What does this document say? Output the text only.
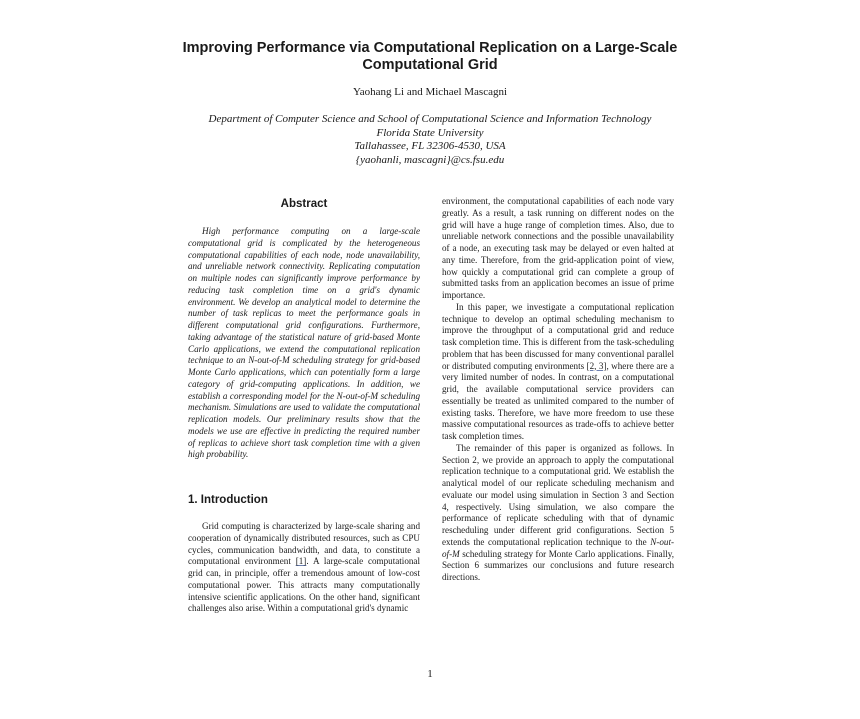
Improving Performance via Computational Replication on a Large-Scale Computational Grid
Yaohang Li and Michael Mascagni
Department of Computer Science and School of Computational Science and Information Technology
Florida State University
Tallahassee, FL 32306-4530, USA
{yaohanli, mascagni}@cs.fsu.edu
Abstract

High performance computing on a large-scale computational grid is complicated by the heterogeneous computational capabilities of each node, node unavailability, and unreliable network connectivity. Replicating computation on multiple nodes can significantly improve performance by reducing task completion time on a grid's dynamic environment. We develop an analytical model to determine the number of task replicas to meet the performance goals in different computational grid configurations. Furthermore, taking advantage of the statistical nature of grid-based Monte Carlo applications, we extend the computational replication technique to an N-out-of-M scheduling strategy for grid-based Monte Carlo applications, which can potentially form a large category of grid-computing applications. In addition, we establish a corresponding model for the N-out-of-M scheduling mechanism. Simulations are used to validate the computational replication models. Our preliminary results show that the models we use are effective in predicting the required number of replicas to achieve short task completion time with a given high probability.

1. Introduction

Grid computing is characterized by large-scale sharing and cooperation of dynamically distributed resources, such as CPU cycles, communication bandwidth, and data, to constitute a computational environment [1]. A large-scale computational grid can, in principle, offer a tremendous amount of low-cost computational power. This attracts many computationally intensive scientific applications. On the other hand, significant challenges also arise. Within a computational grid's dynamic

environment, the computational capabilities of each node vary greatly. As a result, a task running on different nodes on the grid will have a huge range of completion times. Also, due to unreliable network connections and the possible unavailability of a node, an executing task may be delayed or even halted at any time. Therefore, from the grid-application point of view, how quickly a computational grid can complete a group of submitted tasks from an application becomes an issue of prime importance.

In this paper, we investigate a computational replication technique to develop an optimal scheduling mechanism to improve the throughput of a computational grid and reduce task completion time. This is different from the task-scheduling problem that has been discussed for many conventional parallel or distributed computing environments [2, 3], where there are a very limited number of nodes. In contrast, on a computational grid, the available computational service providers can essentially be treated as unlimited compared to the number of existing tasks. Therefore, we have more freedom to use these massive computational resources as trade-offs to achieve better task completion times.

The remainder of this paper is organized as follows. In Section 2, we provide an approach to apply the computational replication technique to a computational grid. We establish the analytical model of our replicate scheduling mechanism and evaluate our model using simulation in Section 3 and Section 4, respectively. Using simulation, we also compare the performance of replicate scheduling with that of dynamic rescheduling under different grid configurations. Section 5 extends the computational replication technique to the N-out-of-M scheduling strategy for Monte Carlo applications. Finally, Section 6 summarizes our conclusions and future research directions.

1
